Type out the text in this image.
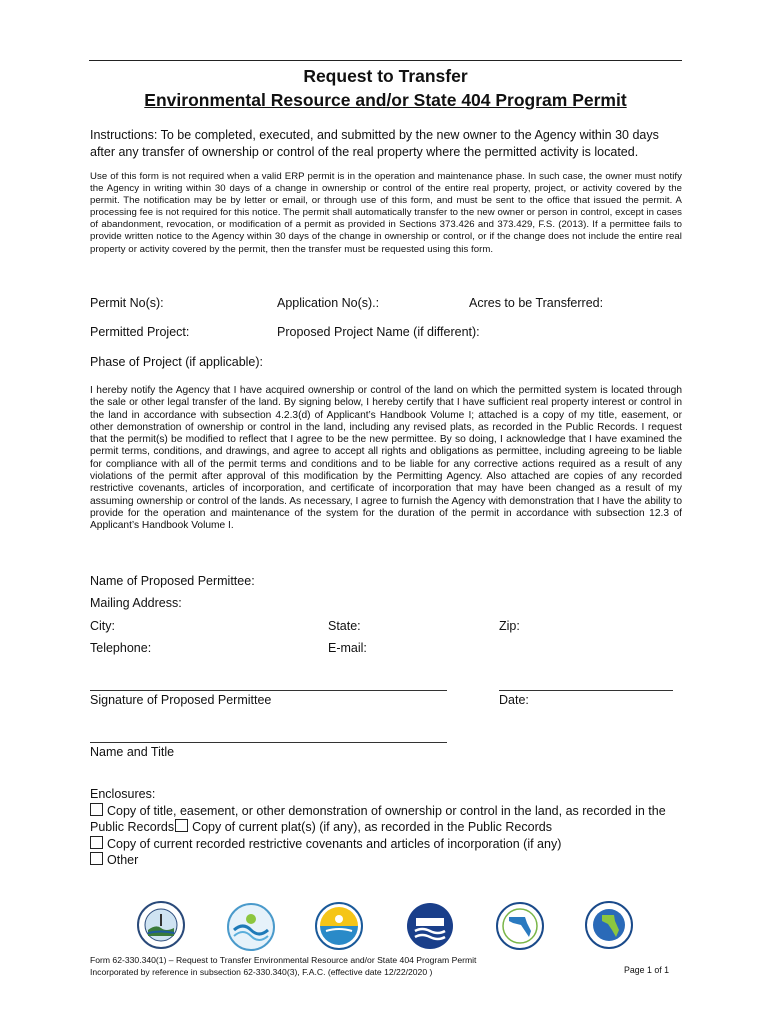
Request to Transfer
Environmental Resource and/or State 404 Program Permit
Instructions: To be completed, executed, and submitted by the new owner to the Agency within 30 days after any transfer of ownership or control of the real property where the permitted activity is located.
Use of this form is not required when a valid ERP permit is in the operation and maintenance phase. In such case, the owner must notify the Agency in writing within 30 days of a change in ownership or control of the entire real property, project, or activity covered by the permit. The notification may be by letter or email, or through use of this form, and must be sent to the office that issued the permit. A processing fee is not required for this notice. The permit shall automatically transfer to the new owner or person in control, except in cases of abandonment, revocation, or modification of a permit as provided in Sections 373.426 and 373.429, F.S. (2013). If a permittee fails to provide written notice to the Agency within 30 days of the change in ownership or control, or if the change does not include the entire real property or activity covered by the permit, then the transfer must be requested using this form.
Permit No(s):	Application No(s).:	Acres to be Transferred:
Permitted Project:	Proposed Project Name (if different):
Phase of Project (if applicable):
I hereby notify the Agency that I have acquired ownership or control of the land on which the permitted system is located through the sale or other legal transfer of the land. By signing below, I hereby certify that I have sufficient real property interest or control in the land in accordance with subsection 4.2.3(d) of Applicant’s Handbook Volume I; attached is a copy of my title, easement, or other demonstration of ownership or control in the land, including any revised plats, as recorded in the Public Records. I request that the permit(s) be modified to reflect that I agree to be the new permittee. By so doing, I acknowledge that I have examined the permit terms, conditions, and drawings, and agree to accept all rights and obligations as permittee, including agreeing to be liable for compliance with all of the permit terms and conditions and to be liable for any corrective actions required as a result of any violations of the permit after approval of this modification by the Permitting Agency. Also attached are copies of any recorded restrictive covenants, articles of incorporation, and certificate of incorporation that may have been changed as a result of my assuming ownership or control of the lands. As necessary, I agree to furnish the Agency with demonstration that I have the ability to provide for the operation and maintenance of the system for the duration of the permit in accordance with subsection 12.3 of Applicant’s Handbook Volume I.
Name of Proposed Permittee:
Mailing Address:
City:	State:	Zip:
Telephone:	E-mail:
Signature of Proposed Permittee	Date:
Name and Title
Enclosures:
Copy of title, easement, or other demonstration of ownership or control in the land, as recorded in the
Public Records Copy of current plat(s) (if any), as recorded in the Public Records
Copy of current recorded restrictive covenants and articles of incorporation (if any)
Other
Form 62-330.340(1) – Request to Transfer Environmental Resource and/or State 404 Program Permit
Incorporated by reference in subsection 62-330.340(3), F.A.C. (effective date 12/22/2020 )	Page 1 of 1
